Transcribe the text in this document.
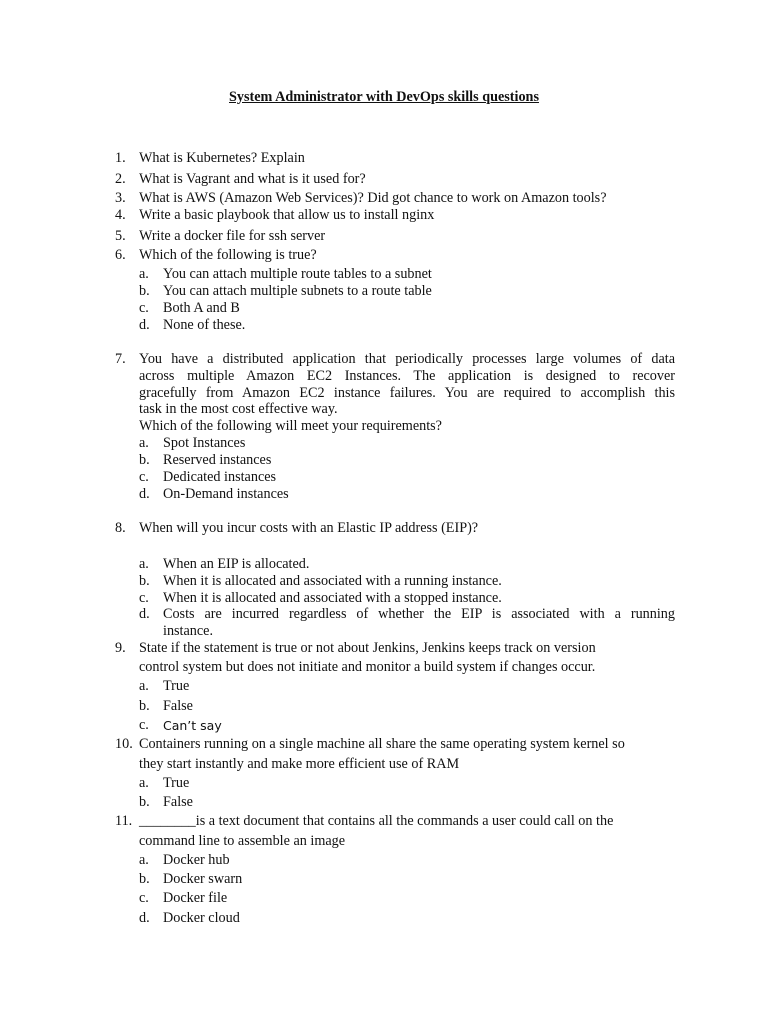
System Administrator with DevOps skills questions
1. What is Kubernetes? Explain
2. What is Vagrant and what is it used for?
3. What is AWS (Amazon Web Services)? Did got chance to work on Amazon tools?
4. Write a basic playbook that allow us to install nginx
5. Write a docker file for ssh server
6. Which of the following is true?
a. You can attach multiple route tables to a subnet
b. You can attach multiple subnets to a route table
c. Both A and B
d. None of these.
7. You have a distributed application that periodically processes large volumes of data
across multiple Amazon EC2 Instances. The application is designed to recover
gracefully from Amazon EC2 instance failures. You are required to accomplish this
task in the most cost effective way.
Which of the following will meet your requirements?
a. Spot Instances
b. Reserved instances
c. Dedicated instances
d. On-Demand instances
8. When will you incur costs with an Elastic IP address (EIP)?
a. When an EIP is allocated.
b. When it is allocated and associated with a running instance.
c. When it is allocated and associated with a stopped instance.
d. Costs are incurred regardless of whether the EIP is associated with a running
instance.
9. State if the statement is true or not about Jenkins, Jenkins keeps track on version
control system but does not initiate and monitor a build system if changes occur.
a. True
b. False
c. Can’t say
10. Containers running on a single machine all share the same operating system kernel so
they start instantly and make more efficient use of RAM
a. True
b. False
11. ________is a text document that contains all the commands a user could call on the
command line to assemble an image
a. Docker hub
b. Docker swarn
c. Docker file
d. Docker cloud
